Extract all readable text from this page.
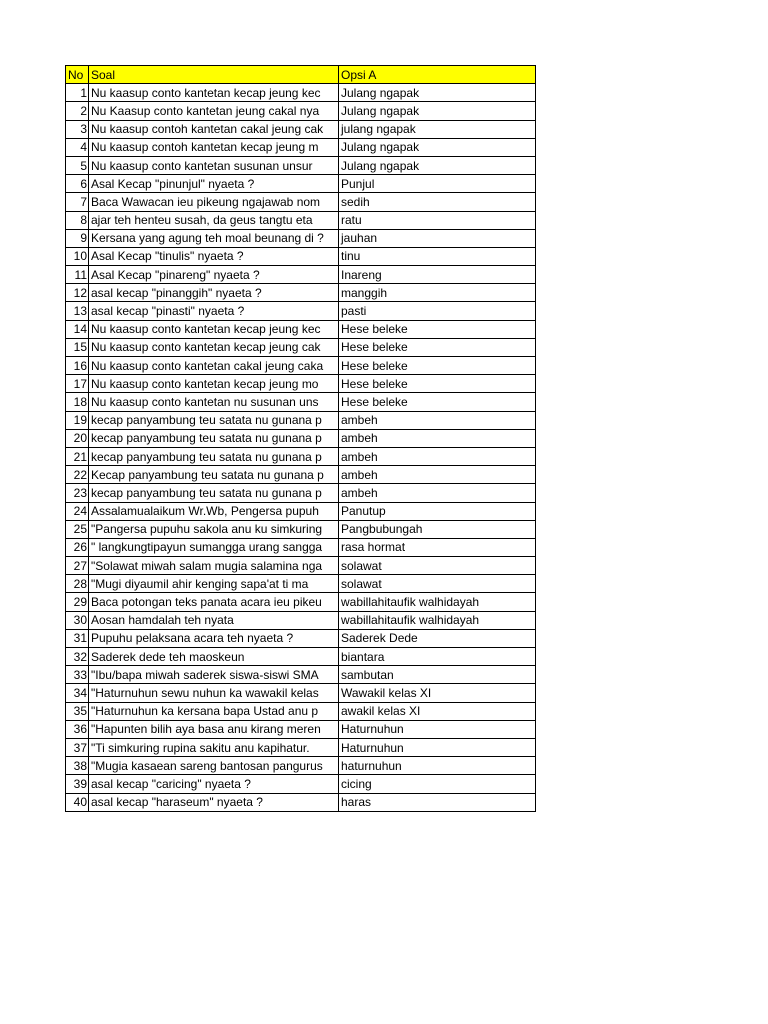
No	Soal	Opsi A
1	Nu kaasup conto kantetan kecap jeung kec	Julang ngapak
2	Nu Kaasup conto kantetan jeung cakal nya	Julang ngapak
3	Nu kaasup contoh kantetan cakal jeung cak	julang ngapak
4	Nu kaasup contoh kantetan kecap jeung m	Julang ngapak
5	Nu kaasup conto kantetan susunan unsur	Julang ngapak
6	Asal Kecap "pinunjul" nyaeta ?	Punjul
7	Baca Wawacan ieu pikeung ngajawab nom	sedih
8	ajar teh henteu susah, da geus tangtu eta	ratu
9	Kersana yang agung teh moal beunang di ?	jauhan
10	Asal Kecap "tinulis" nyaeta ?	tinu
11	Asal Kecap "pinareng" nyaeta ?	Inareng
12	asal kecap "pinanggih" nyaeta ?	manggih
13	asal kecap "pinasti" nyaeta ?	pasti
14	Nu kaasup conto kantetan kecap jeung kec	Hese beleke
15	Nu kaasup conto kantetan kecap jeung cak	Hese beleke
16	Nu kaasup conto kantetan cakal jeung caka	Hese beleke
17	Nu kaasup conto kantetan kecap jeung mo	Hese beleke
18	Nu kaasup conto kantetan nu susunan uns	Hese beleke
19	kecap panyambung teu satata nu gunana p	ambeh
20	kecap panyambung teu satata nu gunana p	ambeh
21	kecap panyambung teu satata nu gunana p	ambeh
22	Kecap panyambung teu satata nu gunana p	ambeh
23	kecap panyambung teu satata nu gunana p	ambeh
24	Assalamualaikum Wr.Wb, Pengersa pupuh	Panutup
25	"Pangersa pupuhu sakola anu ku simkuring	Pangbubungah
26	" langkungtipayun sumangga urang sangga	rasa hormat
27	"Solawat miwah salam mugia salamina nga	solawat
28	"Mugi diyaumil ahir kenging sapa'at ti ma	solawat
29	Baca potongan teks panata acara ieu pikeu	wabillahitaufik walhidayah
30	Aosan hamdalah teh nyata	wabillahitaufik walhidayah
31	Pupuhu pelaksana acara teh nyaeta ?	Saderek Dede
32	Saderek dede teh maoskeun	biantara
33	"Ibu/bapa miwah saderek siswa-siswi SMA	sambutan
34	"Haturnuhun sewu nuhun ka wawakil kelas	Wawakil kelas XI
35	"Haturnuhun ka kersana bapa Ustad anu p	awakil kelas XI
36	"Hapunten bilih aya basa anu kirang meren	Haturnuhun
37	"Ti simkuring rupina sakitu anu kapihatur.	Haturnuhun
38	"Mugia kasaean sareng bantosan pangurus	haturnuhun
39	asal kecap "caricing" nyaeta ?	cicing
40	asal kecap "haraseum" nyaeta ?	haras
